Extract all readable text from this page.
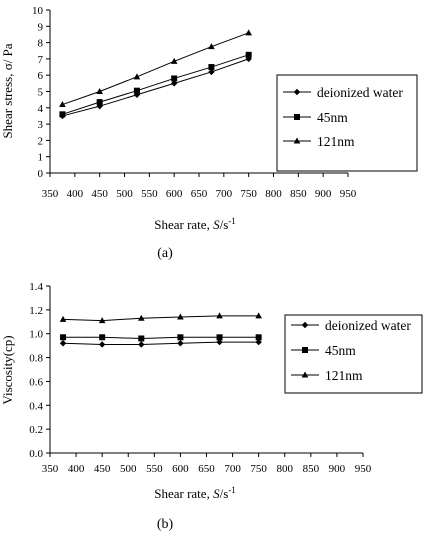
0
1
2
3
4
5
6
7
8
9
10
350 400 450 500 550 600 650 700 750 800 850 900 950
deionized water
45nm
121nm
Shear stress, σ/ Pa
Shear rate, $S/s^{-1}$
(a)
0.0
0.2
0.4
0.6
0.8
1.0
1.2
1.4
350 400 450 500 550 600 650 700 750 800 850 900 950
deionized water
45nm
121nm
Viscosity(cp)
Shear rate, $S/s^{-1}$
(b)
